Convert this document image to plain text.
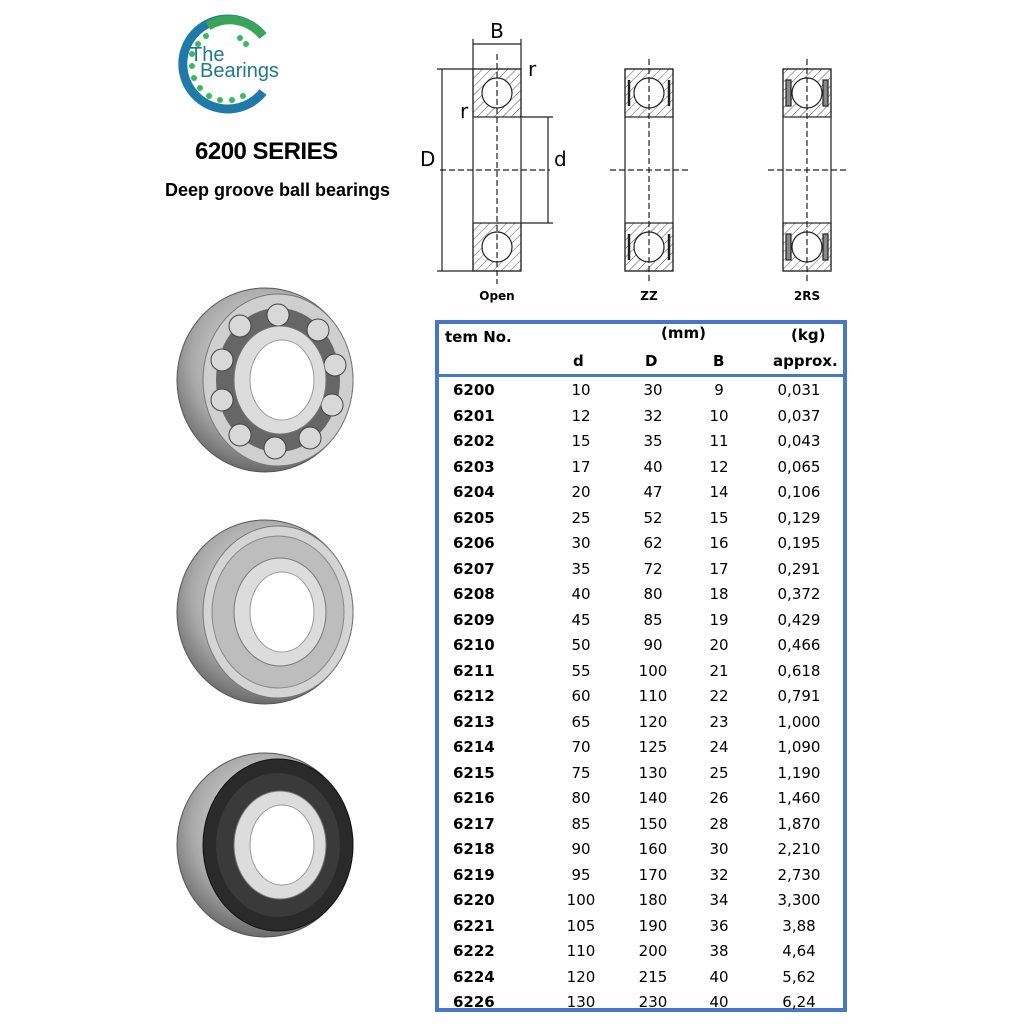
The
Bearings
6200 SERIES
Deep groove ball bearings
B
r
r
D	d
Open	ZZ	2RS
tem No.	(mm)	(kg)
d	D	B	approx.
6200	10	30	9	0,031
6201	12	32	10	0,037
6202	15	35	11	0,043
6203	17	40	12	0,065
6204	20	47	14	0,106
6205	25	52	15	0,129
6206	30	62	16	0,195
6207	35	72	17	0,291
6208	40	80	18	0,372
6209	45	85	19	0,429
6210	50	90	20	0,466
6211	55	100	21	0,618
6212	60	110	22	0,791
6213	65	120	23	1,000
6214	70	125	24	1,090
6215	75	130	25	1,190
6216	80	140	26	1,460
6217	85	150	28	1,870
6218	90	160	30	2,210
6219	95	170	32	2,730
6220	100	180	34	3,300
6221	105	190	36	3,88
6222	110	200	38	4,64
6224	120	215	40	5,62
6226	130	230	40	6,24
